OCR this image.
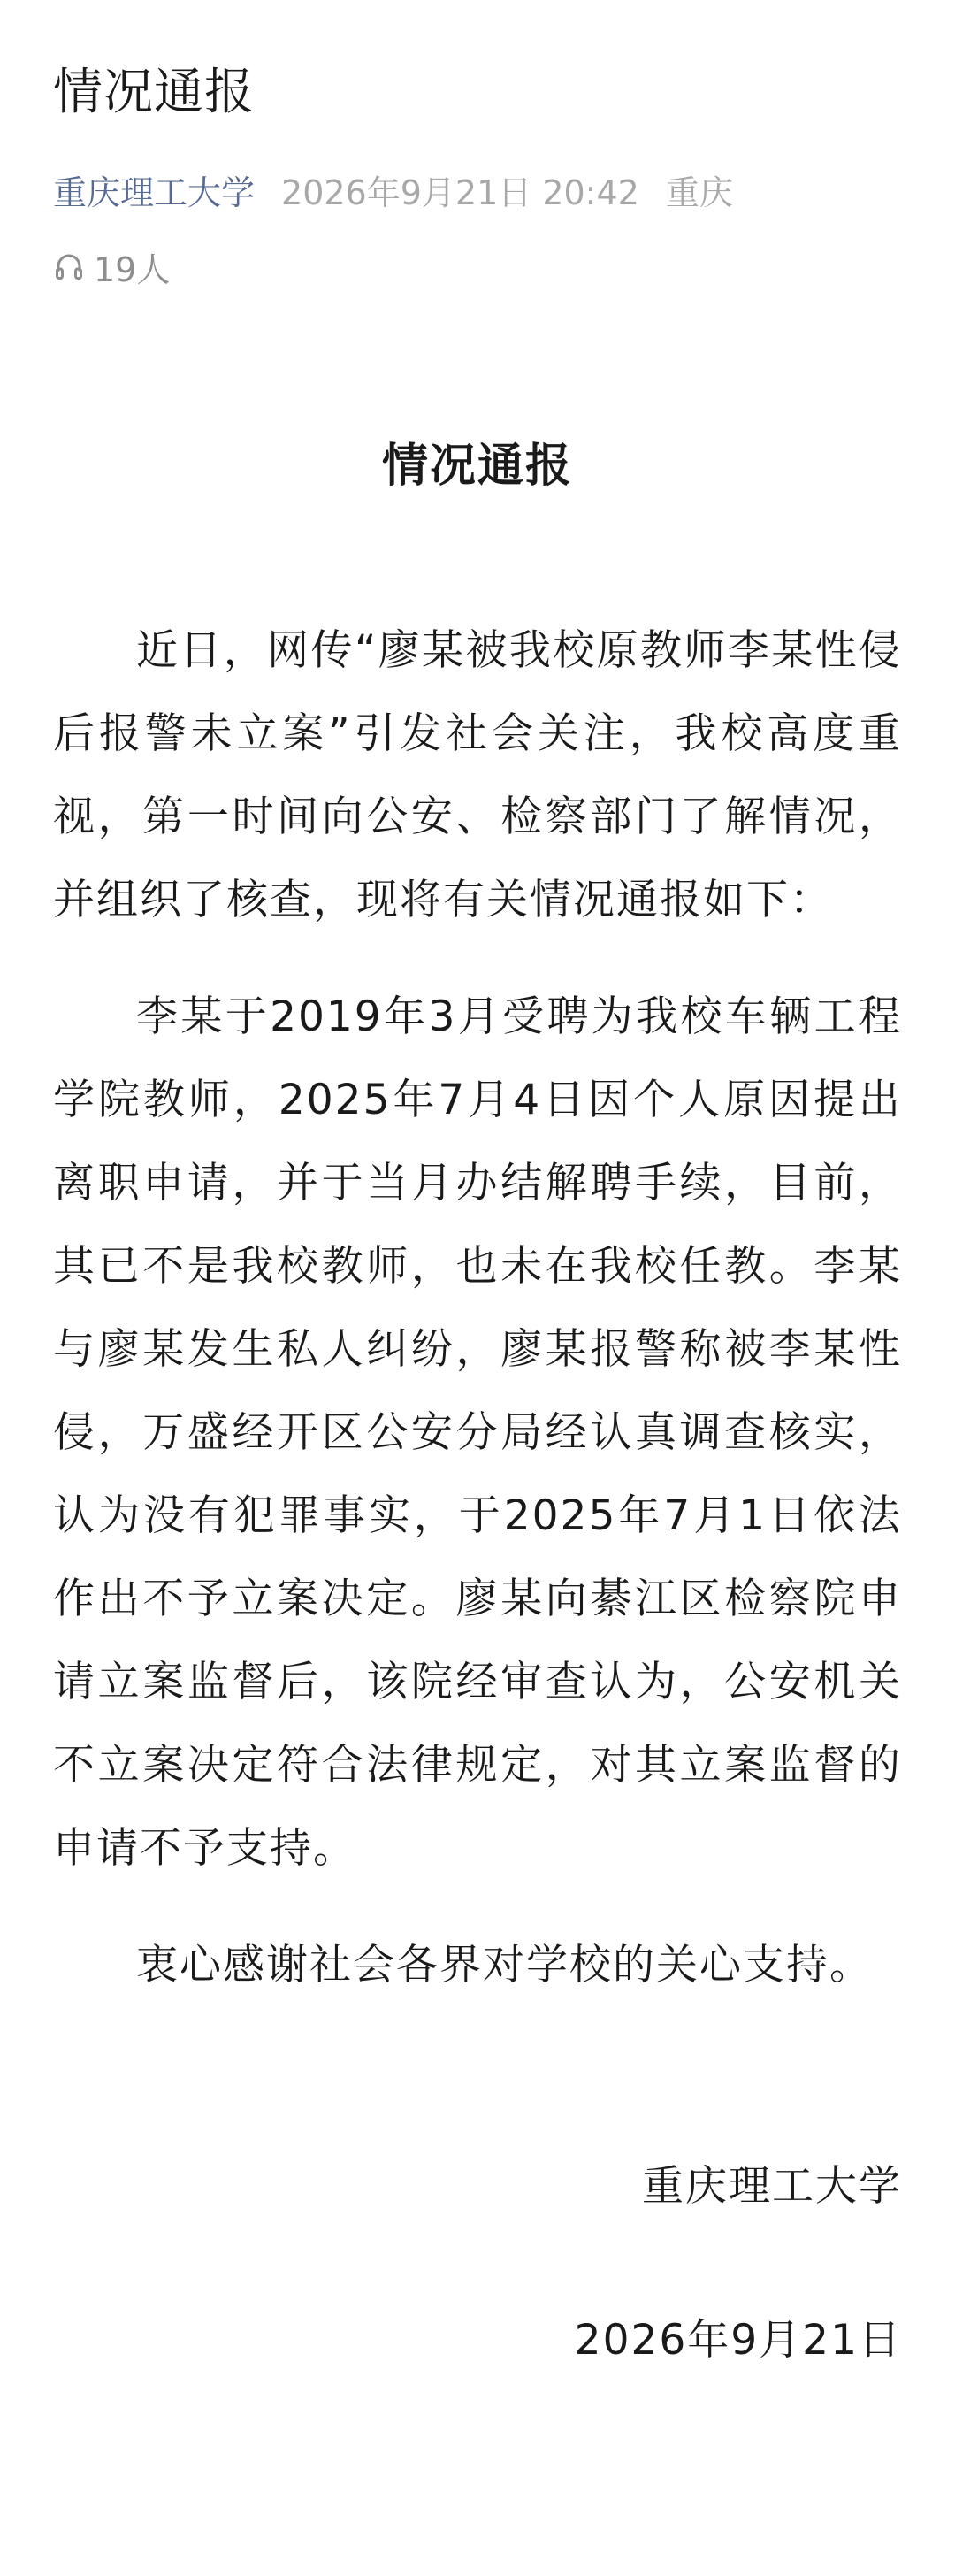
情况通报
重庆理工大学 2026年9月21日 20:42 重庆
19人
情况通报

近日，网传“廖某被我校原教师李某性侵后报警未立案”引发社会关注，我校高度重视，第一时间向公安、检察部门了解情况，并组织了核查，现将有关情况通报如下：

李某于2019年3月受聘为我校车辆工程学院教师，2025年7月4日因个人原因提出离职申请，并于当月办结解聘手续，目前，其已不是我校教师，也未在我校任教。李某与廖某发生私人纠纷，廖某报警称被李某性侵，万盛经开区公安分局经认真调查核实，认为没有犯罪事实，于2025年7月1日依法作出不予立案决定。廖某向綦江区检察院申请立案监督后，该院经审查认为，公安机关不立案决定符合法律规定，对其立案监督的申请不予支持。

衷心感谢社会各界对学校的关心支持。

重庆理工大学
2026年9月21日
